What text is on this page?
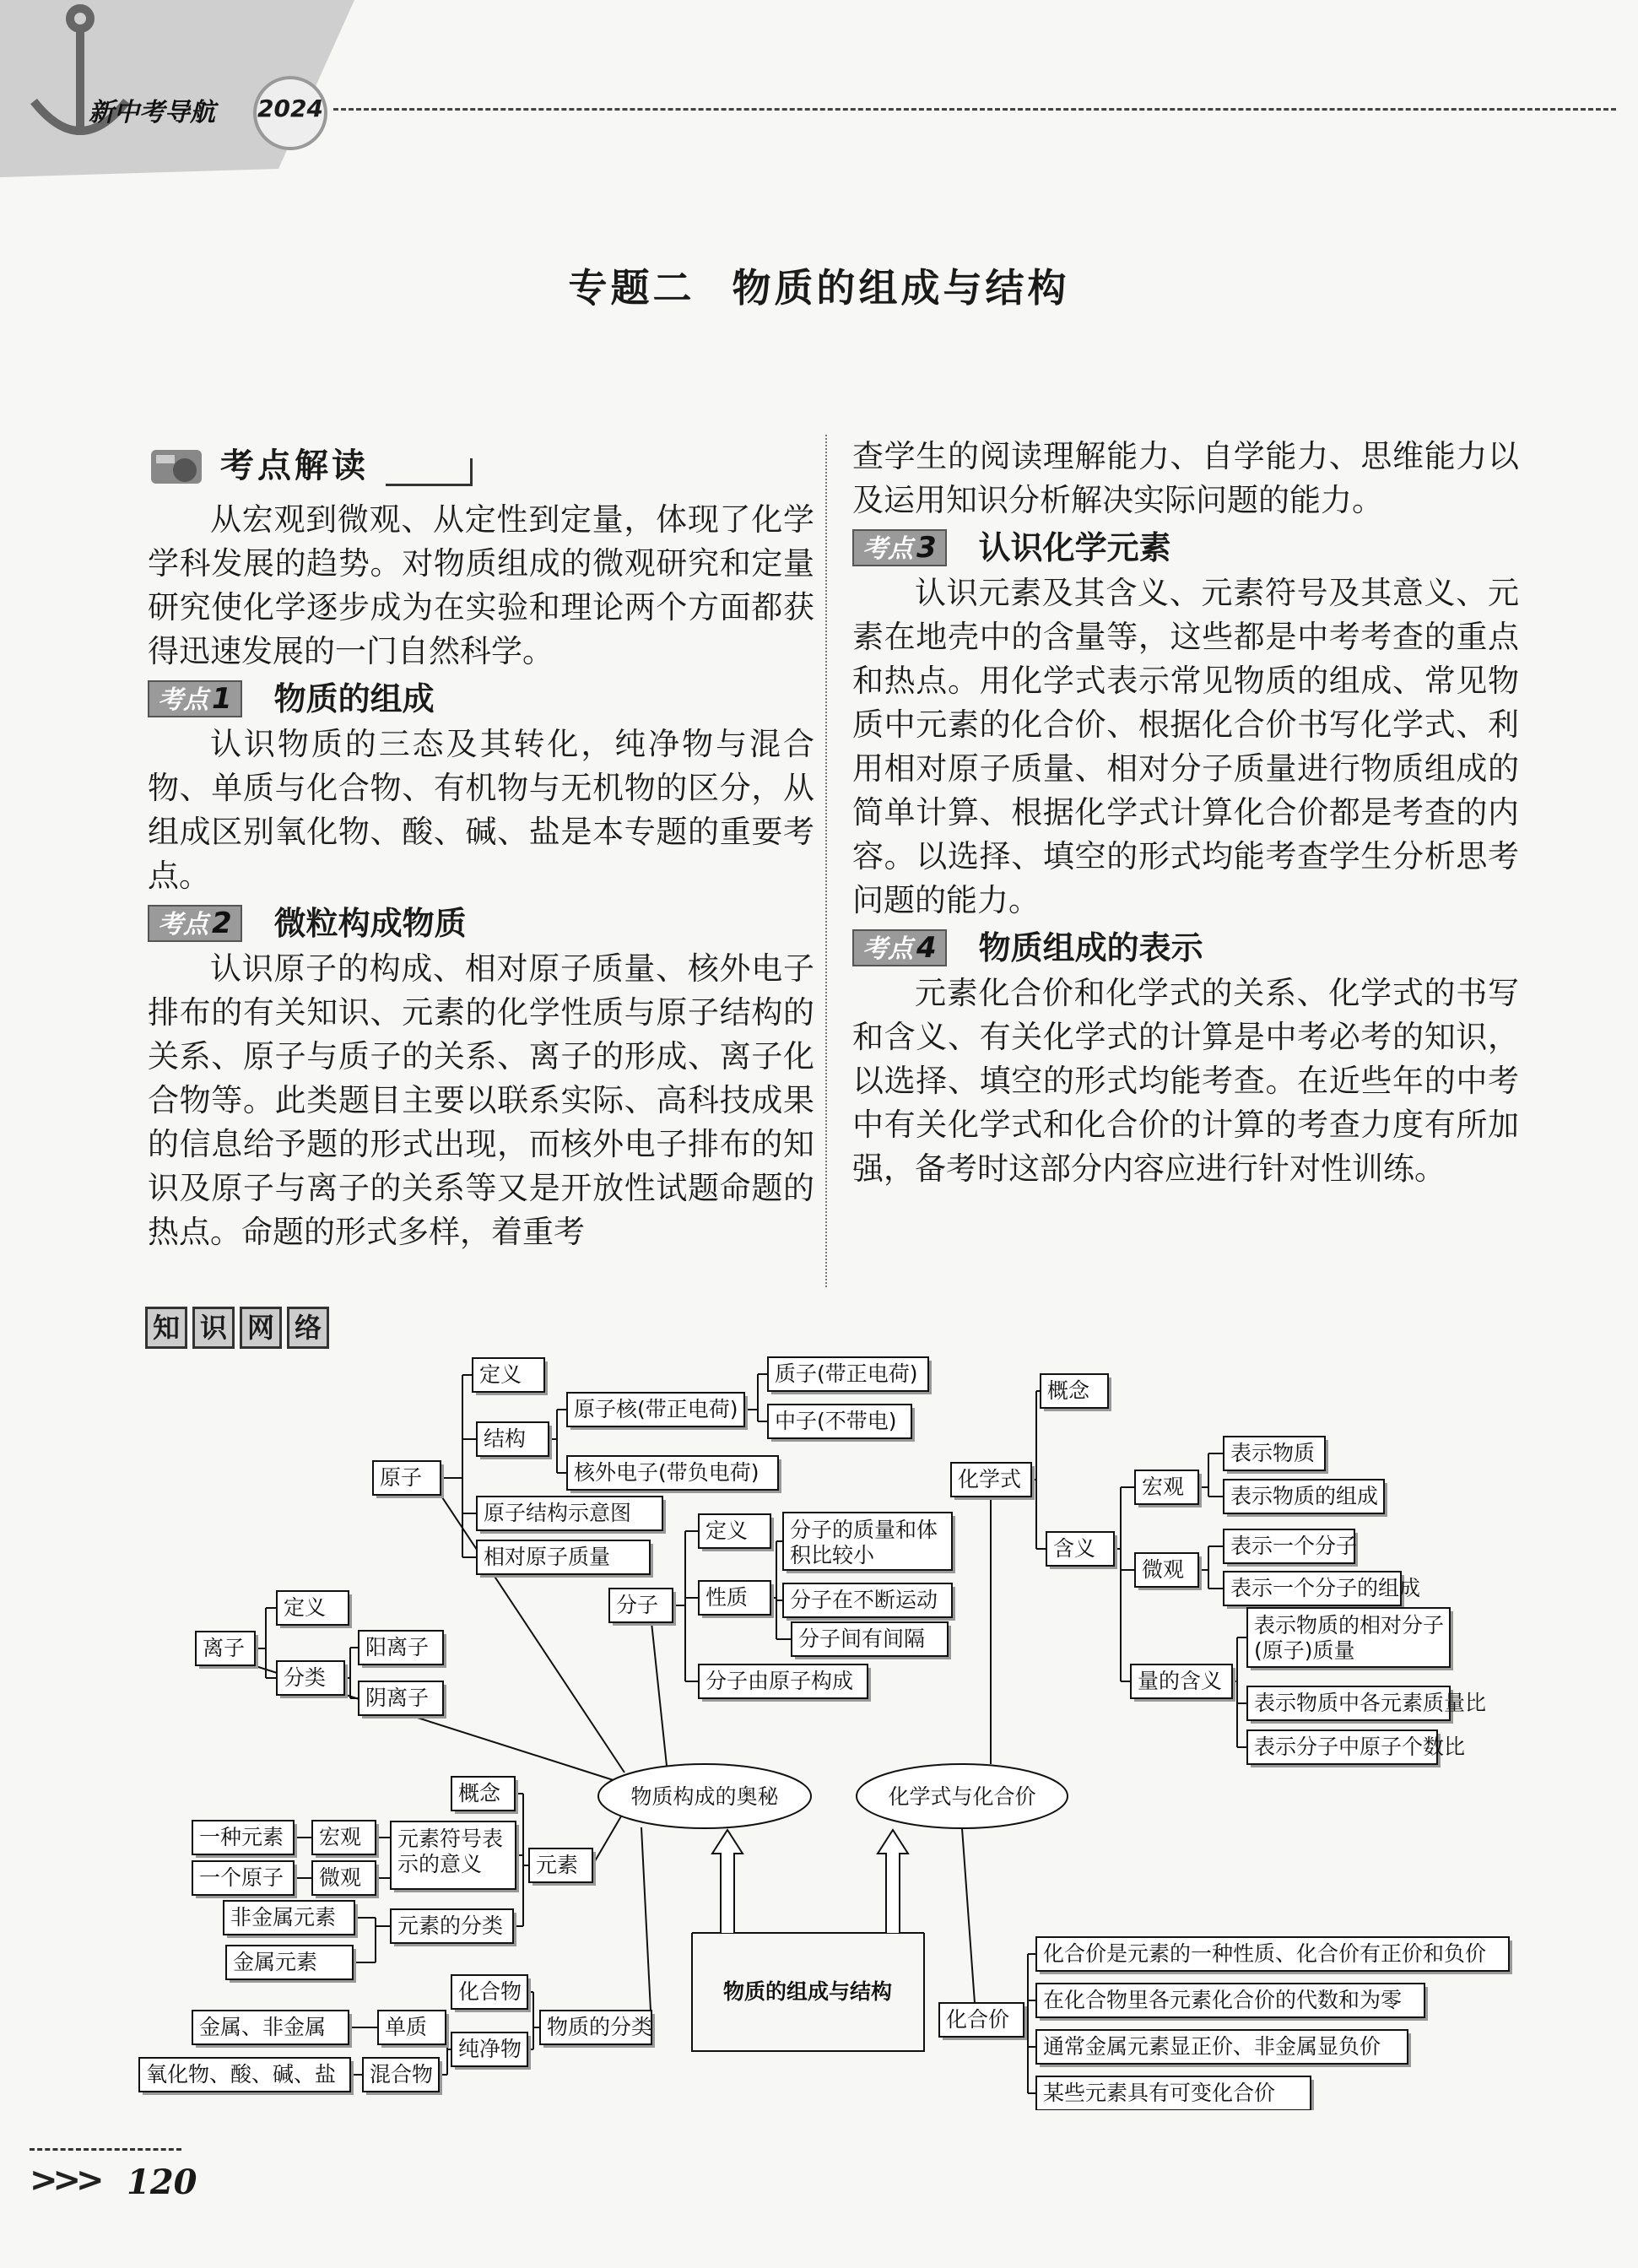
新中考导航 2024
专题二 物质的组成与结构
考点解读

从宏观到微观、从定性到定量，体现了化学学科发展的趋势。对物质组成的微观研究和定量研究使化学逐步成为在实验和理论两个方面都获得迅速发展的一门自然科学。

考点 1	物质的组成

认识物质的三态及其转化，纯净物与混合物、单质与化合物、有机物与无机物的区分，从组成区别氧化物、酸、碱、盐是本专题的重要考点。

考点 2	微粒构成物质

认识原子的构成、相对原子质量、核外电子排布的有关知识、元素的化学性质与原子结构的关系、原子与质子的关系、离子的形成、离子化合物等。此类题目主要以联系实际、高科技成果的信息给予题的形式出现，而核外电子排布的知识及原子与离子的关系等又是开放性试题命题的热点。命题的形式多样，着重考

查学生的阅读理解能力、自学能力、思维能力以及运用知识分析解决实际问题的能力。

考点 3	认识化学元素

认识元素及其含义、元素符号及其意义、元素在地壳中的含量等，这些都是中考考查的重点和热点。用化学式表示常见物质的组成、常见物质中元素的化合价、根据化合价书写化学式、利用相对原子质量、相对分子质量进行物质组成的简单计算、根据化学式计算化合价都是考查的内容。以选择、填空的形式均能考查学生分析思考问题的能力。

考点 4	物质组成的表示

元素化合价和化学式的关系、化学式的书写和含义、有关化学式的计算是中考必考的知识，以选择、填空的形式均能考查。在近些年的中考中有关化学式和化合价的计算的考查力度有所加强，备考时这部分内容应进行针对性训练。

知 识 网 络
定义
结构
原子核(带正电荷)
质子(带正电荷)
中子(不带电)
核外电子(带负电荷)
原子
原子结构示意图
相对原子质量
分子
定义
性质
分子的质量和体积比较小
分子在不断运动
分子间有间隔
分子由原子构成
离子
定义
分类
阳离子
阴离子
概念
一种元素 宏观
一个原子 微观
元素符号表示的意义	元素
非金属元素	元素的分类
金属元素
化合物
单质
金属、非金属
纯净物
物质的分类
氧化物、酸、碱、盐 混合物
化学式
概念
含义
宏观
表示物质
表示物质的组成
微观
表示一个分子
表示一个分子的组成
量的含义
表示物质的相对分子(原子)质量
表示物质中各元素质量比
表示分子中原子个数比
化合价
化合价是元素的一种性质、化合价有正价和负价
在化合物里各元素化合价的代数和为零
通常金属元素显正价、非金属显负价
某些元素具有可变化合价
物质构成的奥秘	化学式与化合价
物质的组成与结构
>>> 120
